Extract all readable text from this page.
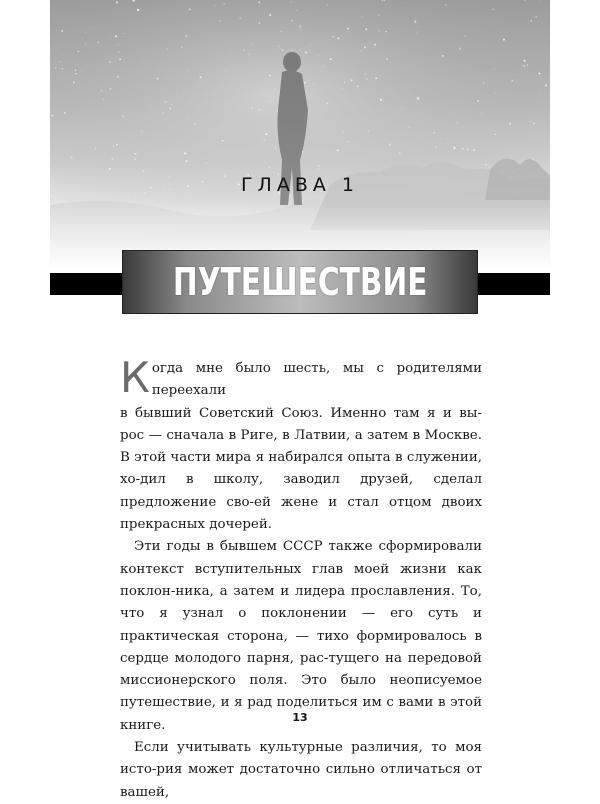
ГЛАВА 1
ПУТЕШЕСТВИЕ
К огда мне было шесть, мы с родителями переехали

в бывший Советский Союз. Именно там я и вы-

рос — сначала в Риге, в Латвии, а затем в Москве. В этой части мира я набирался опыта в служении, хо-дил в школу, заводил друзей, сделал предложение сво-ей жене и стал отцом двоих прекрасных дочерей.

Эти годы в бывшем СССР также сформировали контекст вступительных глав моей жизни как поклон-ника, а затем и лидера прославления. То, что я узнал о поклонении — его суть и практическая сторона, — тихо формировалось в сердце молодого парня, рас-тущего на передовой миссионерского поля. Это было неописуемое путешествие, и я рад поделиться им с вами в этой книге.

Если учитывать культурные различия, то моя исто-рия может достаточно сильно отличаться от вашей,

13
